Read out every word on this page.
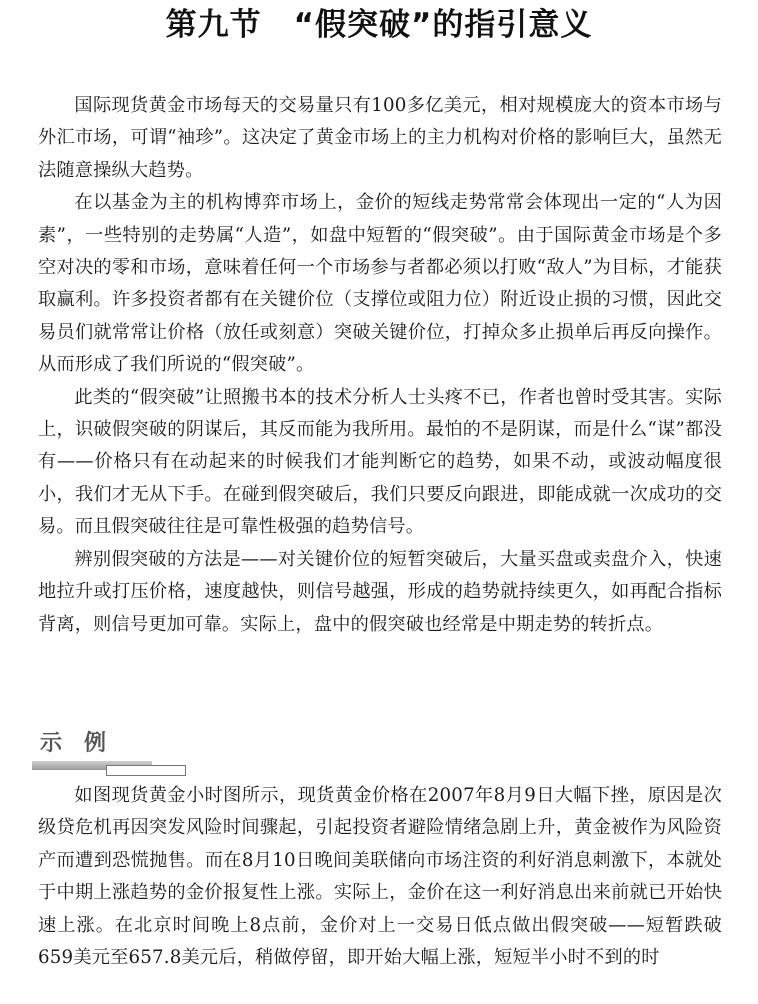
第九节　“假突破”的指引意义

国际现货黄金市场每天的交易量只有100多亿美元，相对规模庞大的资本市场与外汇市场，可谓“袖珍”。这决定了黄金市场上的主力机构对价格的影响巨大，虽然无法随意操纵大趋势。

在以基金为主的机构博弈市场上，金价的短线走势常常会体现出一定的“人为因素”，一些特别的走势属“人造”，如盘中短暂的“假突破”。由于国际黄金市场是个多空对决的零和市场，意味着任何一个市场参与者都必须以打败“敌人”为目标，才能获取赢利。许多投资者都有在关键价位（支撑位或阻力位）附近设止损的习惯，因此交易员们就常常让价格（放任或刻意）突破关键价位，打掉众多止损单后再反向操作。从而形成了我们所说的“假突破”。

此类的“假突破”让照搬书本的技术分析人士头疼不已，作者也曾时受其害。实际上，识破假突破的阴谋后，其反而能为我所用。最怕的不是阴谋，而是什么“谋”都没有——价格只有在动起来的时候我们才能判断它的趋势，如果不动，或波动幅度很小，我们才无从下手。在碰到假突破后，我们只要反向跟进，即能成就一次成功的交易。而且假突破往往是可靠性极强的趋势信号。

辨别假突破的方法是——对关键价位的短暂突破后，大量买盘或卖盘介入，快速地拉升或打压价格，速度越快，则信号越强，形成的趋势就持续更久，如再配合指标背离，则信号更加可靠。实际上，盘中的假突破也经常是中期走势的转折点。

示例

如图现货黄金小时图所示，现货黄金价格在2007年8月9日大幅下挫，原因是次级贷危机再因突发风险时间骤起，引起投资者避险情绪急剧上升，黄金被作为风险资产而遭到恐慌抛售。而在8月10日晚间美联储向市场注资的利好消息刺激下，本就处于中期上涨趋势的金价报复性上涨。实际上，金价在这一利好消息出来前就已开始快速上涨。在北京时间晚上8点前，金价对上一交易日低点做出假突破——短暂跌破659美元至657.8美元后，稍做停留，即开始大幅上涨，短短半小时不到的时
